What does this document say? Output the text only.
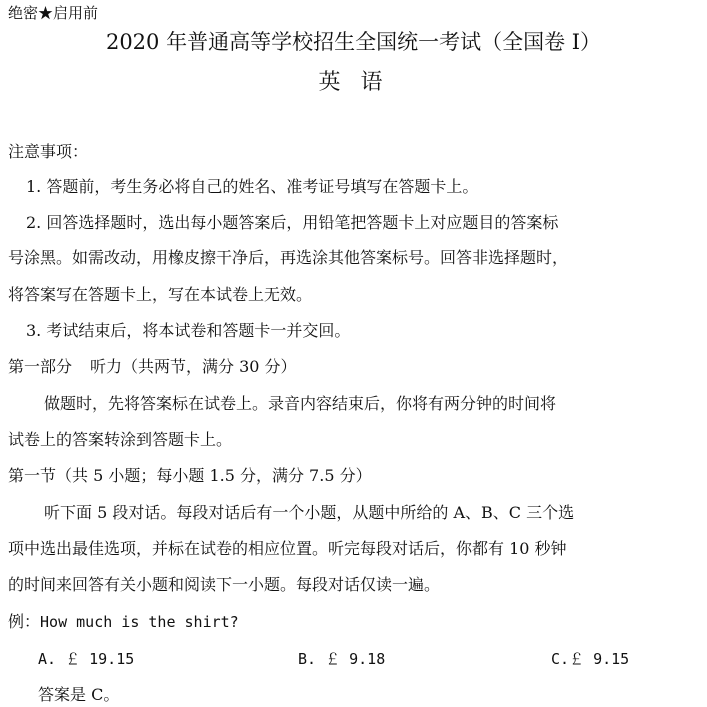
绝密★启用前
2020 年普通高等学校招生全国统一考试（全国卷 I）
英语
注意事项：
1. 答题前，考生务必将自己的姓名、准考证号填写在答题卡上。
2. 回答选择题时，选出每小题答案后，用铅笔把答题卡上对应题目的答案标
号涂黑。如需改动，用橡皮擦干净后，再选涂其他答案标号。回答非选择题时，
将答案写在答题卡上，写在本试卷上无效。
3. 考试结束后，将本试卷和答题卡一并交回。
第一部分 听力（共两节，满分 30 分）
做题时，先将答案标在试卷上。录音内容结束后，你将有两分钟的时间将
试卷上的答案转涂到答题卡上。
第一节（共 5 小题；每小题 1.5 分，满分 7.5 分）
听下面 5 段对话。每段对话后有一个小题，从题中所给的 A、B、C 三个选
项中选出最佳选项，并标在试卷的相应位置。听完每段对话后，你都有 10 秒钟
的时间来回答有关小题和阅读下一小题。每段对话仅读一遍。
例：How much is the shirt?
A. ￡ 19.15	B. ￡ 9.18	C.￡ 9.15
答案是 C。
